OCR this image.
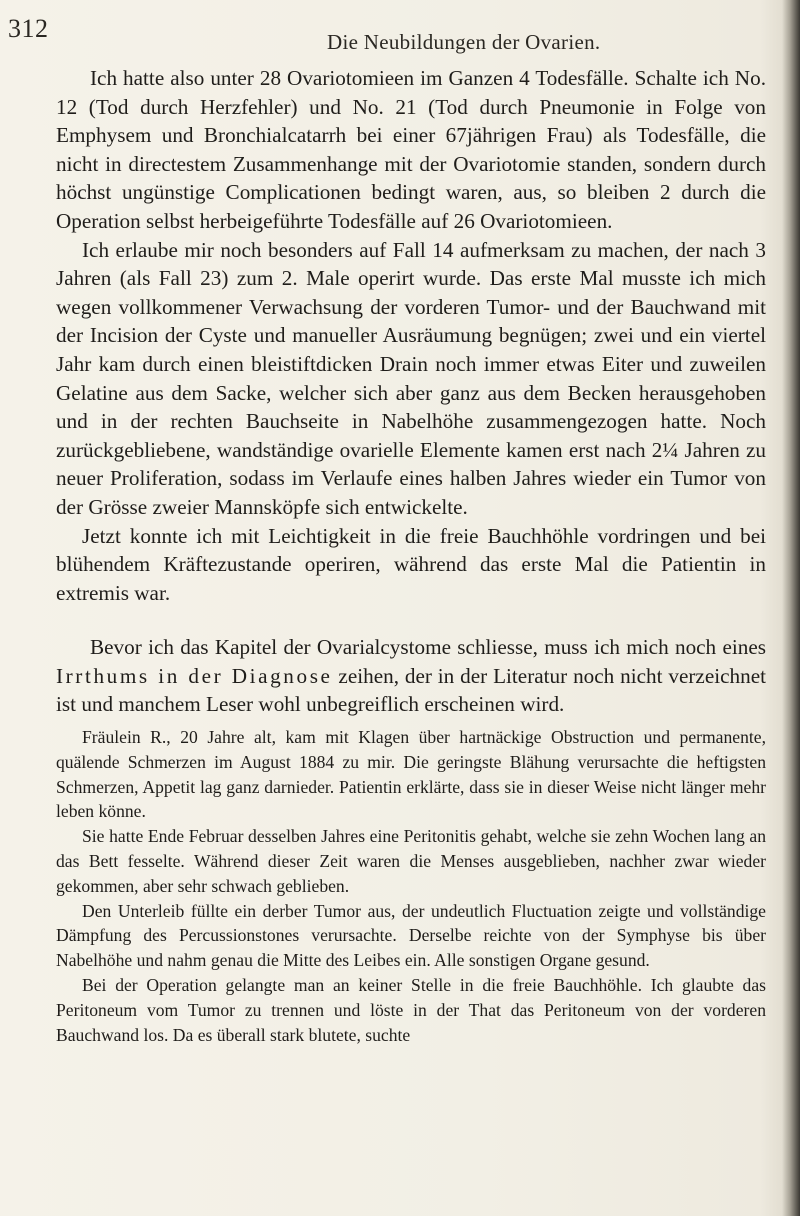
312	Die Neubildungen der Ovarien.

Ich hatte also unter 28 Ovariotomieen im Ganzen 4 Todesfälle. Schalte ich No. 12 (Tod durch Herzfehler) und No. 21 (Tod durch Pneumonie in Folge von Emphysem und Bronchialcatarrh bei einer 67jährigen Frau) als Todesfälle, die nicht in directestem Zusammenhange mit der Ovariotomie standen, sondern durch höchst ungünstige Complicationen bedingt waren, aus, so bleiben 2 durch die Operation selbst herbeigeführte Todesfälle auf 26 Ovariotomieen.

Ich erlaube mir noch besonders auf Fall 14 aufmerksam zu machen, der nach 3 Jahren (als Fall 23) zum 2. Male operirt wurde. Das erste Mal musste ich mich wegen vollkommener Verwachsung der vorderen Tumor- und der Bauchwand mit der Incision der Cyste und manueller Ausräumung begnügen; zwei und ein viertel Jahr kam durch einen bleistiftdicken Drain noch immer etwas Eiter und zuweilen Gelatine aus dem Sacke, welcher sich aber ganz aus dem Becken herausgehoben und in der rechten Bauchseite in Nabelhöhe zusammengezogen hatte. Noch zurückgebliebene, wandständige ovarielle Elemente kamen erst nach 2¼ Jahren zu neuer Proliferation, sodass im Verlaufe eines halben Jahres wieder ein Tumor von der Grösse zweier Mannsköpfe sich entwickelte.

Jetzt konnte ich mit Leichtigkeit in die freie Bauchhöhle vordringen und bei blühendem Kräftezustande operiren, während das erste Mal die Patientin in extremis war.

Bevor ich das Kapitel der Ovarialcystome schliesse, muss ich mich noch eines Irrthums in der Diagnose zeihen, der in der Literatur noch nicht verzeichnet ist und manchem Leser wohl unbegreiflich erscheinen wird.

Fräulein R., 20 Jahre alt, kam mit Klagen über hartnäckige Obstruction und permanente, quälende Schmerzen im August 1884 zu mir. Die geringste Blähung verursachte die heftigsten Schmerzen, Appetit lag ganz darnieder. Patientin erklärte, dass sie in dieser Weise nicht länger mehr leben könne.

Sie hatte Ende Februar desselben Jahres eine Peritonitis gehabt, welche sie zehn Wochen lang an das Bett fesselte. Während dieser Zeit waren die Menses ausgeblieben, nachher zwar wieder gekommen, aber sehr schwach geblieben.

Den Unterleib füllte ein derber Tumor aus, der undeutlich Fluctuation zeigte und vollständige Dämpfung des Percussionstones verursachte. Derselbe reichte von der Symphyse bis über Nabelhöhe und nahm genau die Mitte des Leibes ein. Alle sonstigen Organe gesund.

Bei der Operation gelangte man an keiner Stelle in die freie Bauchhöhle. Ich glaubte das Peritoneum vom Tumor zu trennen und löste in der That das Peritoneum von der vorderen Bauchwand los. Da es überall stark blutete, suchte
